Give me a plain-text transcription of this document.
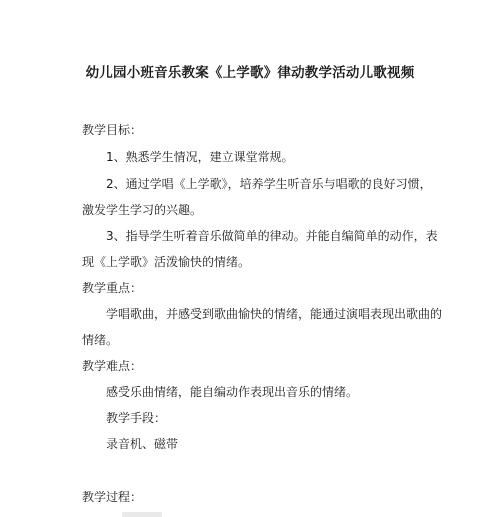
幼儿园小班音乐教案《上学歌》律动教学活动儿歌视频
教学目标：
1、熟悉学生情况，建立课堂常规。
2、通过学唱《上学歌》，培养学生听音乐与唱歌的良好习惯，
激发学生学习的兴趣。
3、指导学生听着音乐做简单的律动。并能自编简单的动作，表
现《上学歌》活泼愉快的情绪。
教学重点：
学唱歌曲，并感受到歌曲愉快的情绪，能通过演唱表现出歌曲的
情绪。
教学难点：
感受乐曲情绪，能自编动作表现出音乐的情绪。
教学手段：
录音机、磁带
教学过程：
